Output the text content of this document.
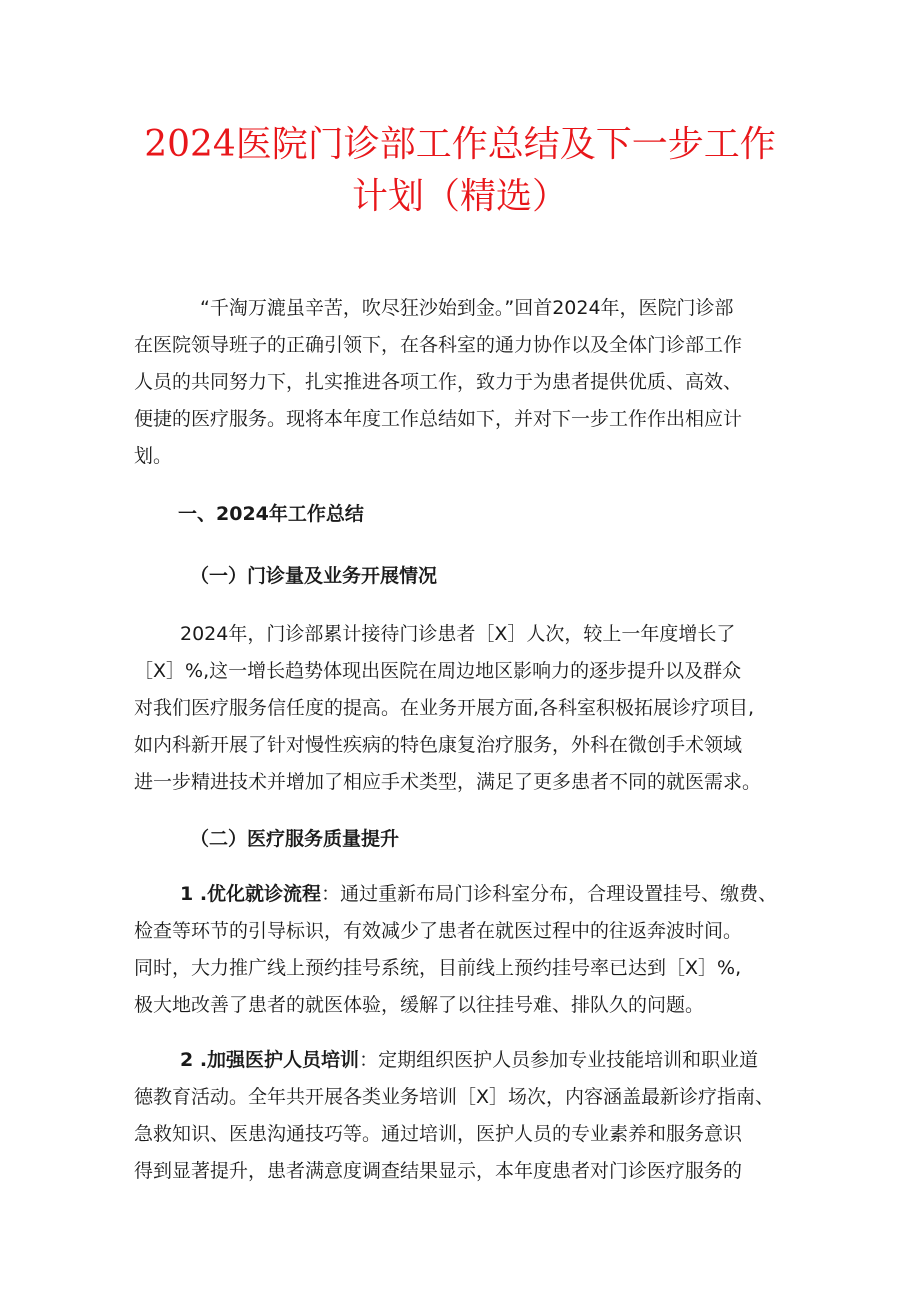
2024医院门诊部工作总结及下一步工作
计划（精选）
“千淘万漉虽辛苦，吹尽狂沙始到金。”回首2024年，医院门诊部
在医院领导班子的正确引领下，在各科室的通力协作以及全体门诊部工作
人员的共同努力下，扎实推进各项工作，致力于为患者提供优质、高效、
便捷的医疗服务。现将本年度工作总结如下，并对下一步工作作出相应计
划。
一、2024年工作总结
（一）门诊量及业务开展情况
2024年，门诊部累计接待门诊患者［X］人次，较上一年度增长了
［X］%,这一增长趋势体现出医院在周边地区影响力的逐步提升以及群众
对我们医疗服务信任度的提高。在业务开展方面,各科室积极拓展诊疗项目,
如内科新开展了针对慢性疾病的特色康复治疗服务，外科在微创手术领域
进一步精进技术并增加了相应手术类型，满足了更多患者不同的就医需求。
（二）医疗服务质量提升
1 .优化就诊流程：通过重新布局门诊科室分布，合理设置挂号、缴费、
检查等环节的引导标识，有效减少了患者在就医过程中的往返奔波时间。
同时，大力推广线上预约挂号系统，目前线上预约挂号率已达到［X］%,
极大地改善了患者的就医体验，缓解了以往挂号难、排队久的问题。
2 .加强医护人员培训：定期组织医护人员参加专业技能培训和职业道
德教育活动。全年共开展各类业务培训［X］场次，内容涵盖最新诊疗指南、
急救知识、医患沟通技巧等。通过培训，医护人员的专业素养和服务意识
得到显著提升，患者满意度调查结果显示，本年度患者对门诊医疗服务的
